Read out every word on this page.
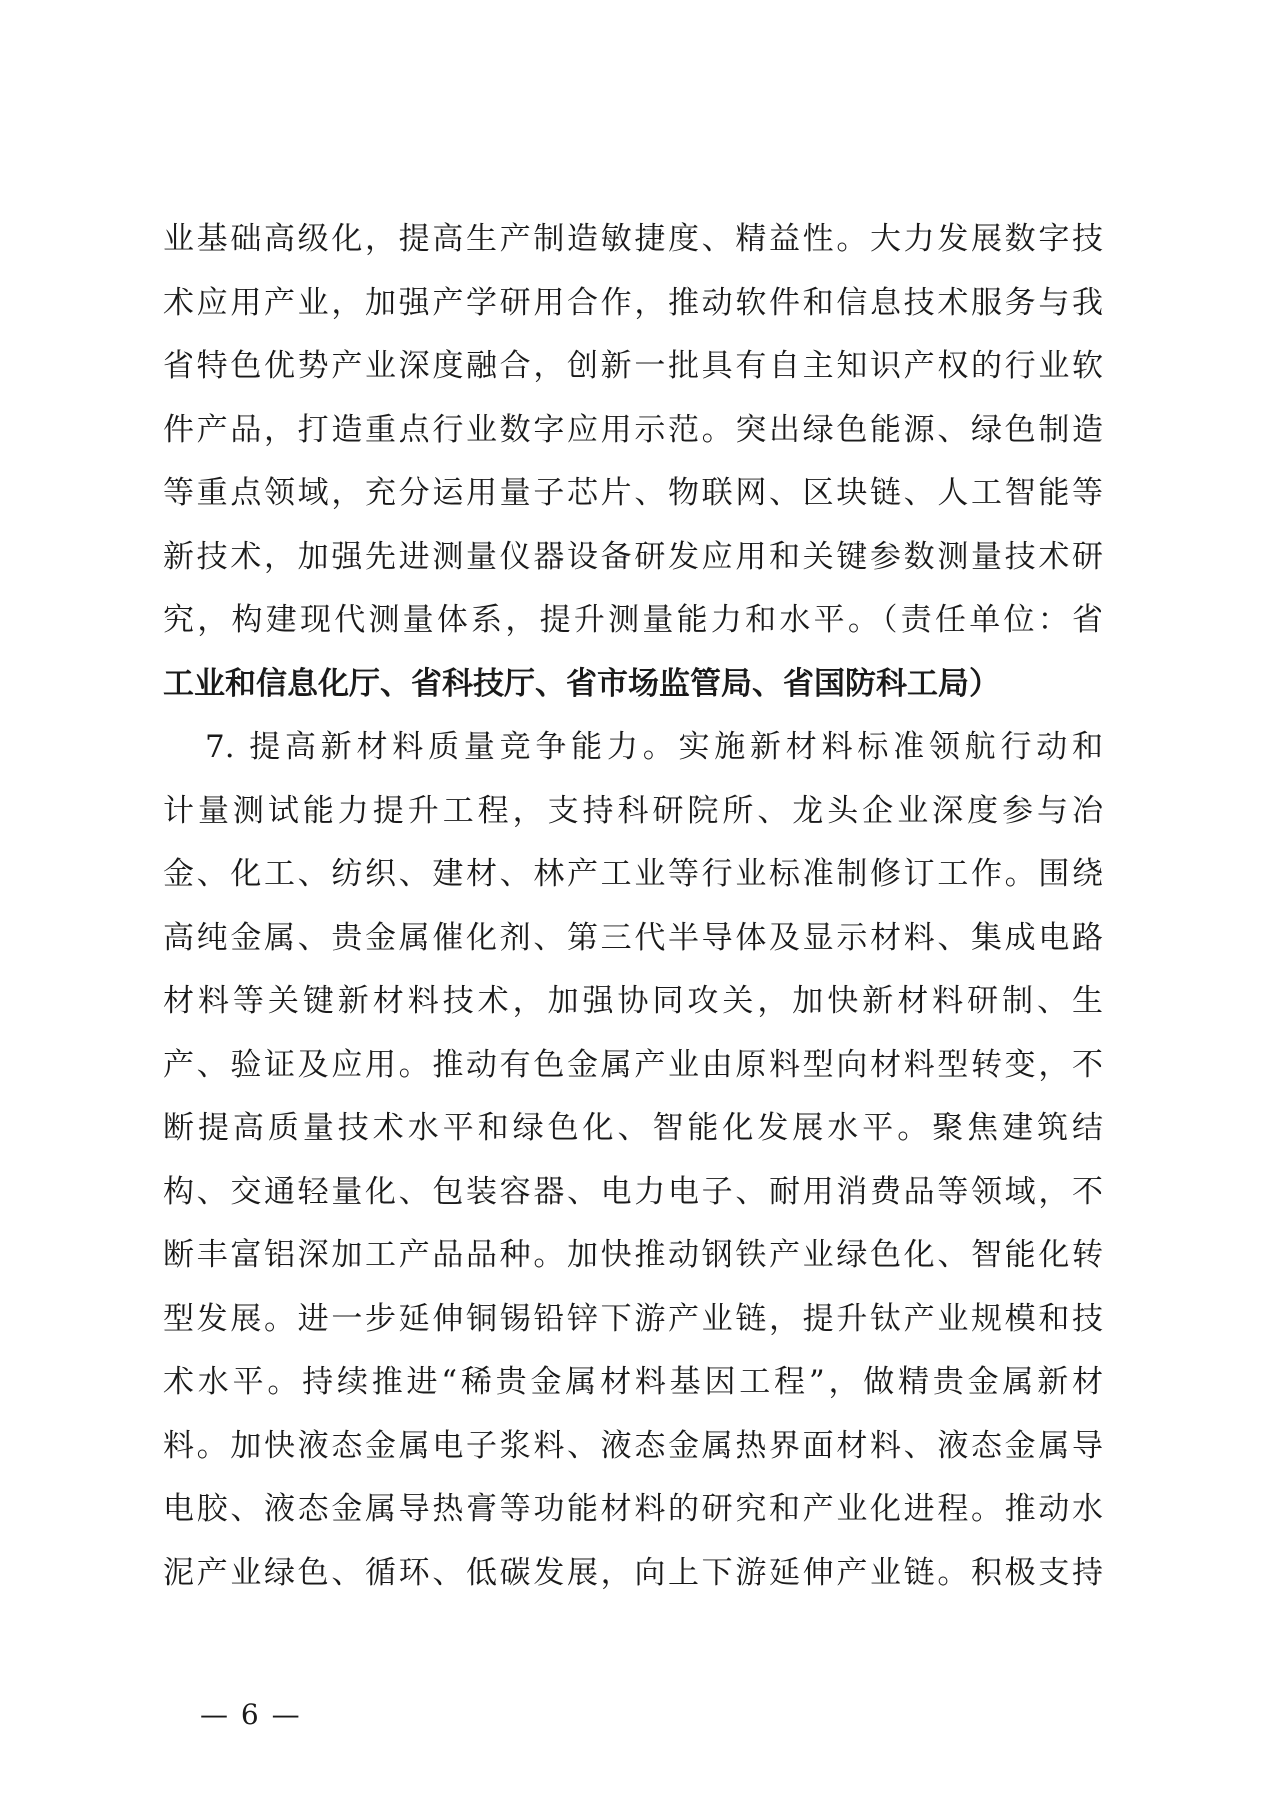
业基础高级化，提高生产制造敏捷度、精益性。大力发展数字技
术应用产业，加强产学研用合作，推动软件和信息技术服务与我
省特色优势产业深度融合，创新一批具有自主知识产权的行业软
件产品，打造重点行业数字应用示范。突出绿色能源、绿色制造
等重点领域，充分运用量子芯片、物联网、区块链、人工智能等
新技术，加强先进测量仪器设备研发应用和关键参数测量技术研
究，构建现代测量体系，提升测量能力和水平。（责任单位：省
工业和信息化厅、省科技厅、省市场监管局、省国防科工局）
7. 提高新材料质量竞争能力。实施新材料标准领航行动和
计量测试能力提升工程，支持科研院所、龙头企业深度参与冶
金、化工、纺织、建材、林产工业等行业标准制修订工作。围绕
高纯金属、贵金属催化剂、第三代半导体及显示材料、集成电路
材料等关键新材料技术，加强协同攻关，加快新材料研制、生
产、验证及应用。推动有色金属产业由原料型向材料型转变，不
断提高质量技术水平和绿色化、智能化发展水平。聚焦建筑结
构、交通轻量化、包装容器、电力电子、耐用消费品等领域，不
断丰富铝深加工产品品种。加快推动钢铁产业绿色化、智能化转
型发展。进一步延伸铜锡铅锌下游产业链，提升钛产业规模和技
术水平。持续推进“稀贵金属材料基因工程”，做精贵金属新材
料。加快液态金属电子浆料、液态金属热界面材料、液态金属导
电胶、液态金属导热膏等功能材料的研究和产业化进程。推动水
泥产业绿色、循环、低碳发展，向上下游延伸产业链。积极支持
— 6 —
